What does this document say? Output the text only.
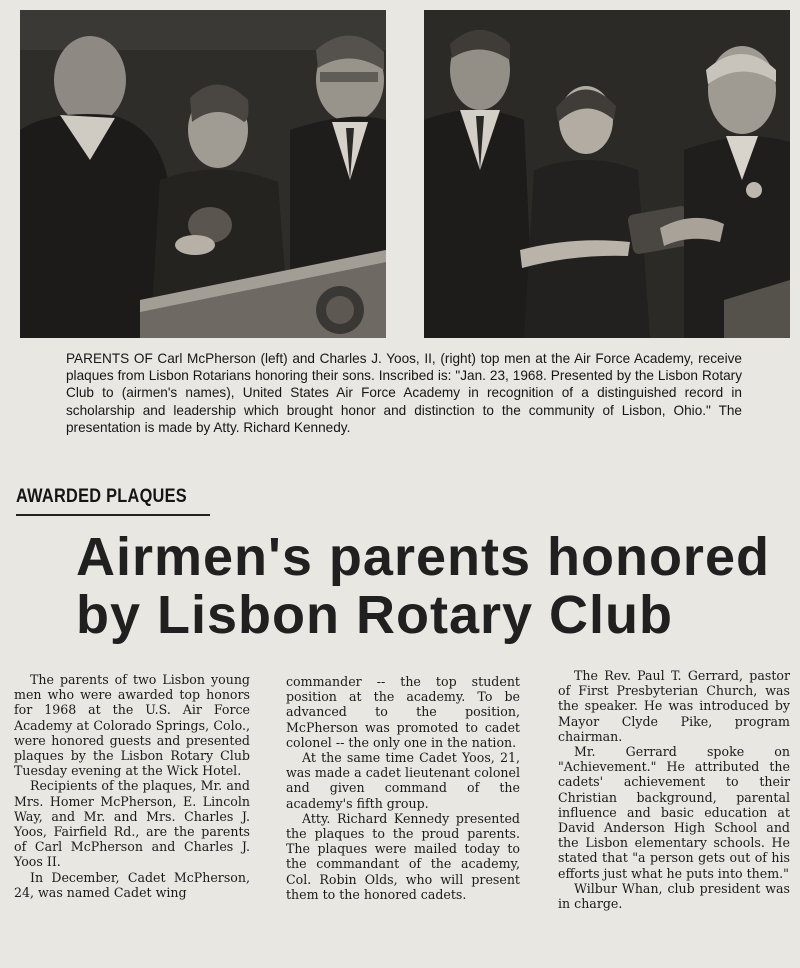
PARENTS OF Carl McPherson (left) and Charles J. Yoos, II, (right) top men at the Air Force Academy, receive plaques from Lisbon Rotarians honoring their sons. Inscribed is: "Jan. 23, 1968. Presented by the Lisbon Rotary Club to (airmen's names), United States Air Force Academy in recognition of a distinguished record in scholarship and leadership which brought honor and distinction to the community of Lisbon, Ohio." The presentation is made by Atty. Richard Kennedy.
AWARDED PLAQUES
Airmen's parents honored
by Lisbon Rotary Club

The parents of two Lisbon young men who were awarded top honors for 1968 at the U.S. Air Force Academy at Colorado Springs, Colo., were honored guests and presented plaques by the Lisbon Rotary Club Tuesday evening at the Wick Hotel.

Recipients of the plaques, Mr. and Mrs. Homer McPherson, E. Lincoln Way, and Mr. and Mrs. Charles J. Yoos, Fairfield Rd., are the parents of Carl McPherson and Charles J. Yoos II.

In December, Cadet McPherson, 24, was named Cadet wing

commander -- the top student position at the academy. To be advanced to the position, McPherson was promoted to cadet colonel -- the only one in the nation.

At the same time Cadet Yoos, 21, was made a cadet lieutenant colonel and given command of the academy's fifth group.

Atty. Richard Kennedy presented the plaques to the proud parents. The plaques were mailed today to the commandant of the academy, Col. Robin Olds, who will present them to the honored cadets.

The Rev. Paul T. Gerrard, pastor of First Presbyterian Church, was the speaker. He was introduced by Mayor Clyde Pike, program chairman.

Mr. Gerrard spoke on "Achievement." He attributed the cadets' achievement to their Christian background, parental influence and basic education at David Anderson High School and the Lisbon elementary schools. He stated that "a person gets out of his efforts just what he puts into them."

Wilbur Whan, club president was in charge.
